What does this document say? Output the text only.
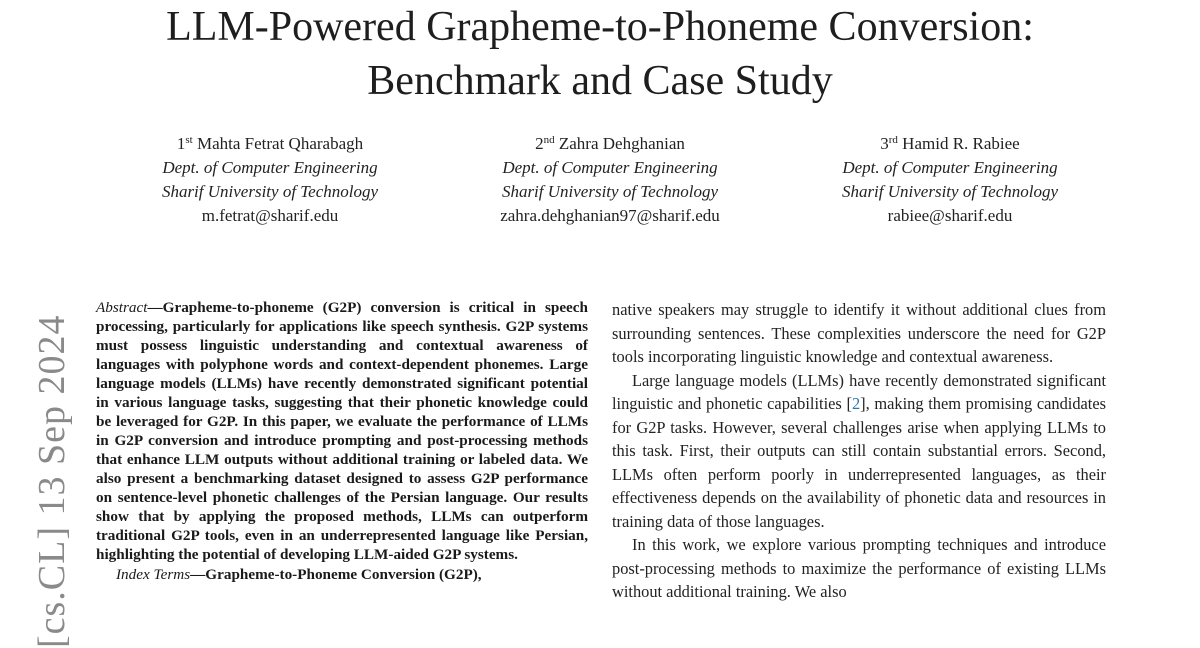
LLM-Powered Grapheme-to-Phoneme Conversion:
Benchmark and Case Study
1st Mahta Fetrat Qharabagh
Dept. of Computer Engineering
Sharif University of Technology
m.fetrat@sharif.edu
2nd Zahra Dehghanian
Dept. of Computer Engineering
Sharif University of Technology
zahra.dehghanian97@sharif.edu
3rd Hamid R. Rabiee
Dept. of Computer Engineering
Sharif University of Technology
rabiee@sharif.edu
[cs.CL] 13 Sep 2024

Abstract—Grapheme-to-phoneme (G2P) conversion is critical in speech processing, particularly for applications like speech synthesis. G2P systems must possess linguistic understanding and contextual awareness of languages with polyphone words and context-dependent phonemes. Large language models (LLMs) have recently demonstrated significant potential in various language tasks, suggesting that their phonetic knowledge could be leveraged for G2P. In this paper, we evaluate the performance of LLMs in G2P conversion and introduce prompting and post-processing methods that enhance LLM outputs without additional training or labeled data. We also present a benchmarking dataset designed to assess G2P performance on sentence-level phonetic challenges of the Persian language. Our results show that by applying the proposed methods, LLMs can outperform traditional G2P tools, even in an underrepresented language like Persian, highlighting the potential of developing LLM-aided G2P systems.

Index Terms—Grapheme-to-Phoneme Conversion (G2P),

native speakers may struggle to identify it without additional clues from surrounding sentences. These complexities underscore the need for G2P tools incorporating linguistic knowledge and contextual awareness.

Large language models (LLMs) have recently demonstrated significant linguistic and phonetic capabilities [2], making them promising candidates for G2P tasks. However, several challenges arise when applying LLMs to this task. First, their outputs can still contain substantial errors. Second, LLMs often perform poorly in underrepresented languages, as their effectiveness depends on the availability of phonetic data and resources in training data of those languages.

In this work, we explore various prompting techniques and introduce post-processing methods to maximize the performance of existing LLMs without additional training. We also
